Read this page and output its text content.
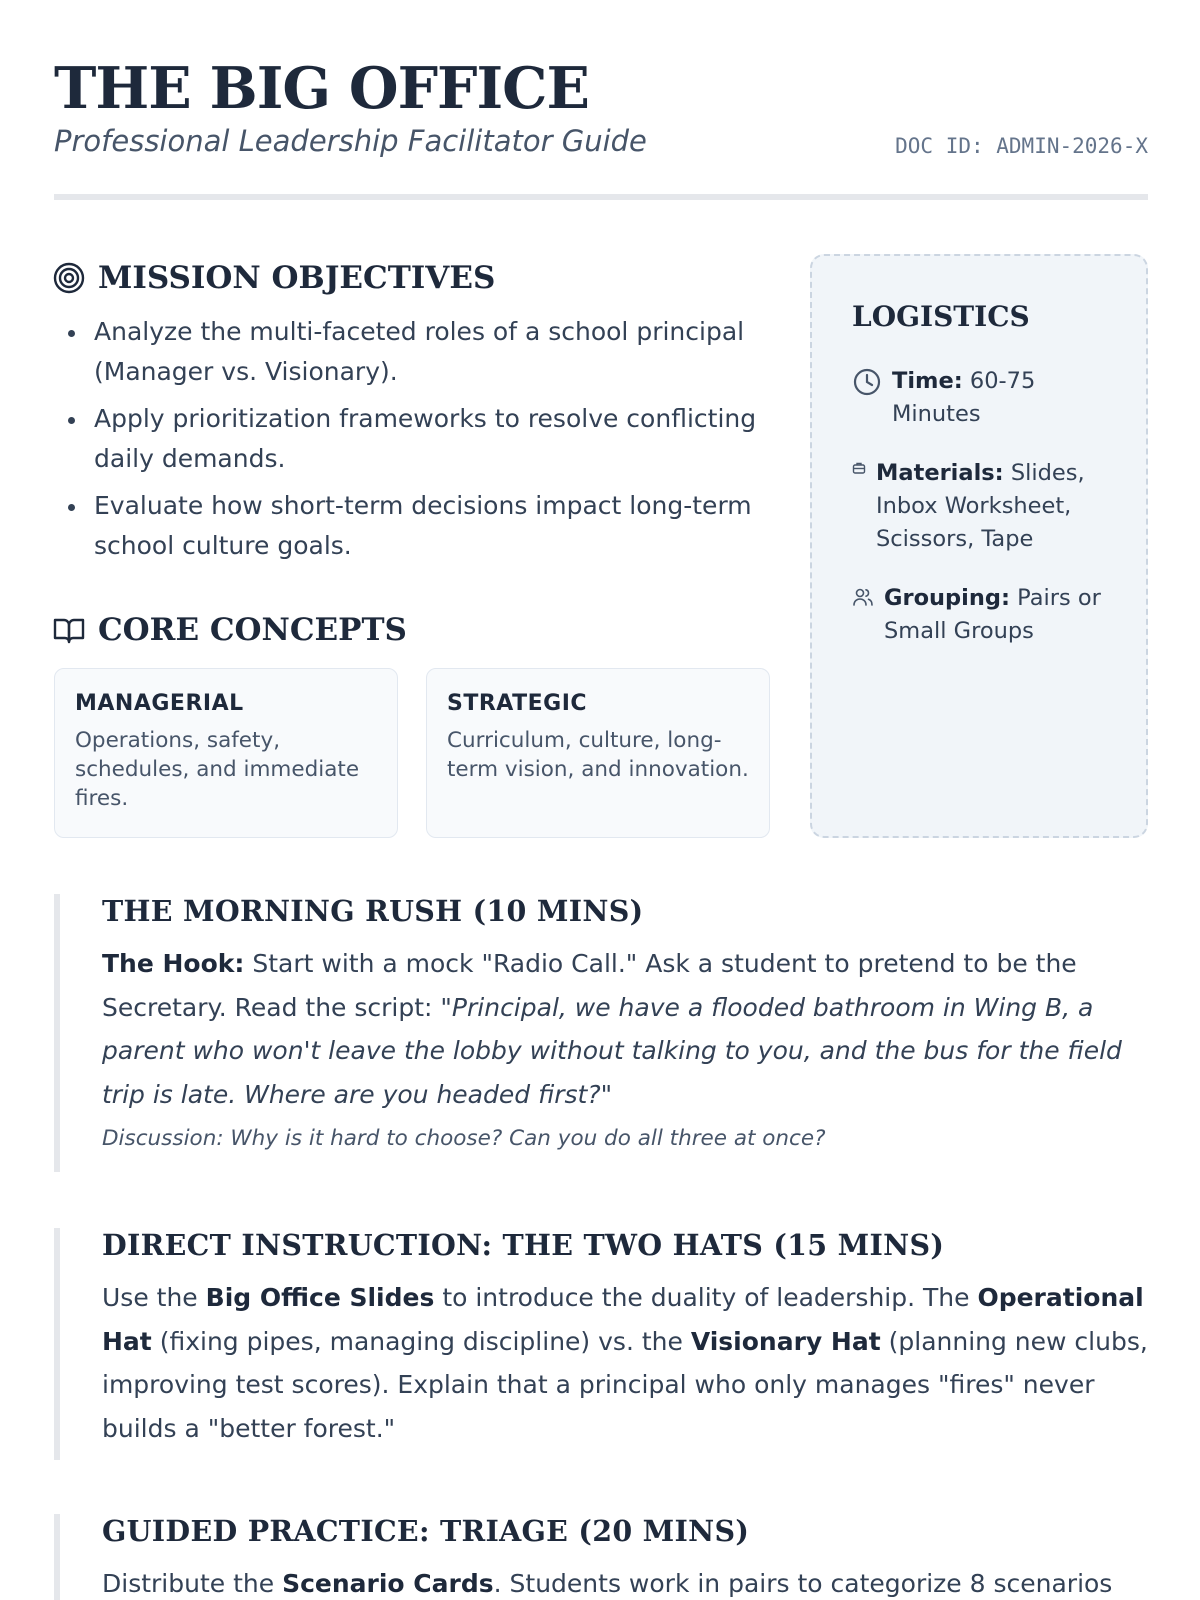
THE BIG OFFICE
Professional Leadership Facilitator Guide	DOC ID: ADMIN-2026-X
MISSION OBJECTIVES
Analyze the multi-faceted roles of a school principal (Manager vs. Visionary).
Apply prioritization frameworks to resolve conflicting daily demands.
Evaluate how short-term decisions impact long-term school culture goals.
CORE CONCEPTS
MANAGERIAL
Operations, safety, schedules, and immediate fires.
STRATEGIC
Curriculum, culture, long-term vision, and innovation.
LOGISTICS
Time: 60-75 Minutes
Materials: Slides, Inbox Worksheet, Scissors, Tape
Grouping: Pairs or Small Groups
THE MORNING RUSH (10 MINS)
The Hook: Start with a mock "Radio Call." Ask a student to pretend to be the Secretary. Read the script: "Principal, we have a flooded bathroom in Wing B, a parent who won't leave the lobby without talking to you, and the bus for the field trip is late. Where are you headed first?"
Discussion: Why is it hard to choose? Can you do all three at once?
DIRECT INSTRUCTION: THE TWO HATS (15 MINS)
Use the Big Office Slides to introduce the duality of leadership. The Operational Hat (fixing pipes, managing discipline) vs. the Visionary Hat (planning new clubs, improving test scores). Explain that a principal who only manages "fires" never builds a "better forest."
GUIDED PRACTICE: TRIAGE (20 MINS)
Distribute the Scenario Cards. Students work in pairs to categorize 8 scenarios
